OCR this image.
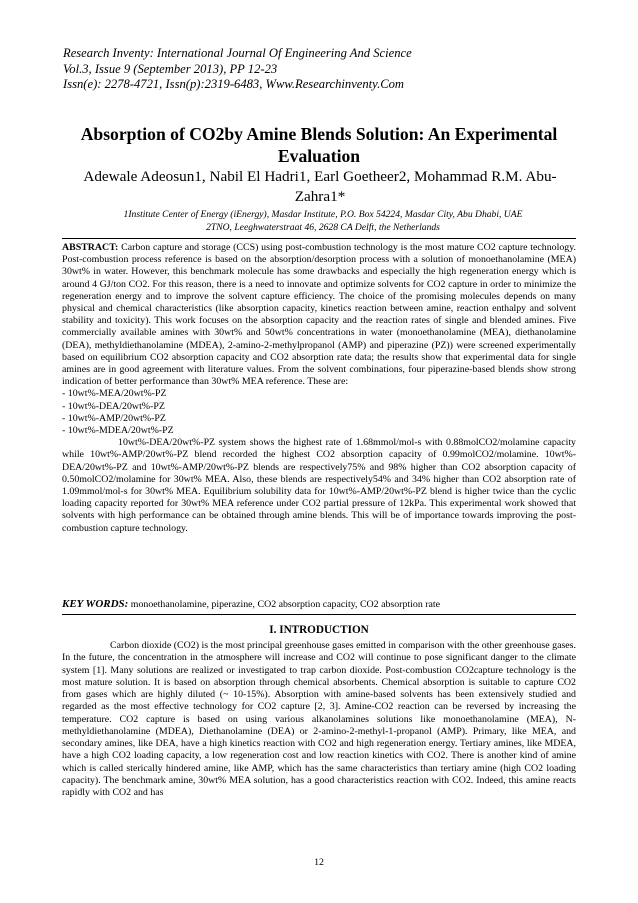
Research Inventy: International Journal Of Engineering And Science
Vol.3, Issue 9 (September 2013), PP 12-23
Issn(e): 2278-4721, Issn(p):2319-6483, Www.Researchinventy.Com
Absorption of CO2by Amine Blends Solution: An Experimental
Evaluation
Adewale Adeosun1, Nabil El Hadri1, Earl Goetheer2, Mohammad R.M. Abu-
Zahra1*
1Institute Center of Energy (iEnergy), Masdar Institute, P.O. Box 54224, Masdar City, Abu Dhabi, UAE
2TNO, Leeghwaterstraat 46, 2628 CA Delft, the Netherlands

ABSTRACT: Carbon capture and storage (CCS) using post-combustion technology is the most mature CO2 capture technology. Post-combustion process reference is based on the absorption/desorption process with a solution of monoethanolamine (MEA) 30wt% in water. However, this benchmark molecule has some drawbacks and especially the high regeneration energy which is around 4 GJ/ton CO2. For this reason, there is a need to innovate and optimize solvents for CO2 capture in order to minimize the regeneration energy and to improve the solvent capture efficiency. The choice of the promising molecules depends on many physical and chemical characteristics (like absorption capacity, kinetics reaction between amine, reaction enthalpy and solvent stability and toxicity). This work focuses on the absorption capacity and the reaction rates of single and blended amines. Five commercially available amines with 30wt% and 50wt% concentrations in water (monoethanolamine (MEA), diethanolamine (DEA), methyldiethanolamine (MDEA), 2-amino-2-methylpropanol (AMP) and piperazine (PZ)) were screened experimentally based on equilibrium CO2 absorption capacity and CO2 absorption rate data; the results show that experimental data for single amines are in good agreement with literature values. From the solvent combinations, four piperazine-based blends show strong indication of better performance than 30wt% MEA reference. These are:

- 10wt%-MEA/20wt%-PZ

- 10wt%-DEA/20wt%-PZ

- 10wt%-AMP/20wt%-PZ

- 10wt%-MDEA/20wt%-PZ

10wt%-DEA/20wt%-PZ system shows the highest rate of 1.68mmol/mol-s with 0.88molCO2/molamine capacity while 10wt%-AMP/20wt%-PZ blend recorded the highest CO2 absorption capacity of 0.99molCO2/molamine. 10wt%-DEA/20wt%-PZ and 10wt%-AMP/20wt%-PZ blends are respectively75% and 98% higher than CO2 absorption capacity of 0.50molCO2/molamine for 30wt% MEA. Also, these blends are respectively54% and 34% higher than CO2 absorption rate of 1.09mmol/mol-s for 30wt% MEA. Equilibrium solubility data for 10wt%-AMP/20wt%-PZ blend is higher twice than the cyclic loading capacity reported for 30wt% MEA reference under CO2 partial pressure of 12kPa. This experimental work showed that solvents with high performance can be obtained through amine blends. This will be of importance towards improving the post-combustion capture technology.

KEY WORDS: monoethanolamine, piperazine, CO2 absorption capacity, CO2 absorption rate
I. INTRODUCTION

Carbon dioxide (CO2) is the most principal greenhouse gases emitted in comparison with the other greenhouse gases. In the future, the concentration in the atmosphere will increase and CO2 will continue to pose significant danger to the climate system [1]. Many solutions are realized or investigated to trap carbon dioxide. Post-combustion CO2capture technology is the most mature solution. It is based on absorption through chemical absorbents. Chemical absorption is suitable to capture CO2 from gases which are highly diluted (~ 10-15%). Absorption with amine-based solvents has been extensively studied and regarded as the most effective technology for CO2 capture [2, 3]. Amine-CO2 reaction can be reversed by increasing the temperature. CO2 capture is based on using various alkanolamines solutions like monoethanolamine (MEA), N-methyldiethanolamine (MDEA), Diethanolamine (DEA) or 2-amino-2-methyl-1-propanol (AMP). Primary, like MEA, and secondary amines, like DEA, have a high kinetics reaction with CO2 and high regeneration energy. Tertiary amines, like MDEA, have a high CO2 loading capacity, a low regeneration cost and low reaction kinetics with CO2. There is another kind of amine which is called sterically hindered amine, like AMP, which has the same characteristics than tertiary amine (high CO2 loading capacity). The benchmark amine, 30wt% MEA solution, has a good characteristics reaction with CO2. Indeed, this amine reacts rapidly with CO2 and has

12
